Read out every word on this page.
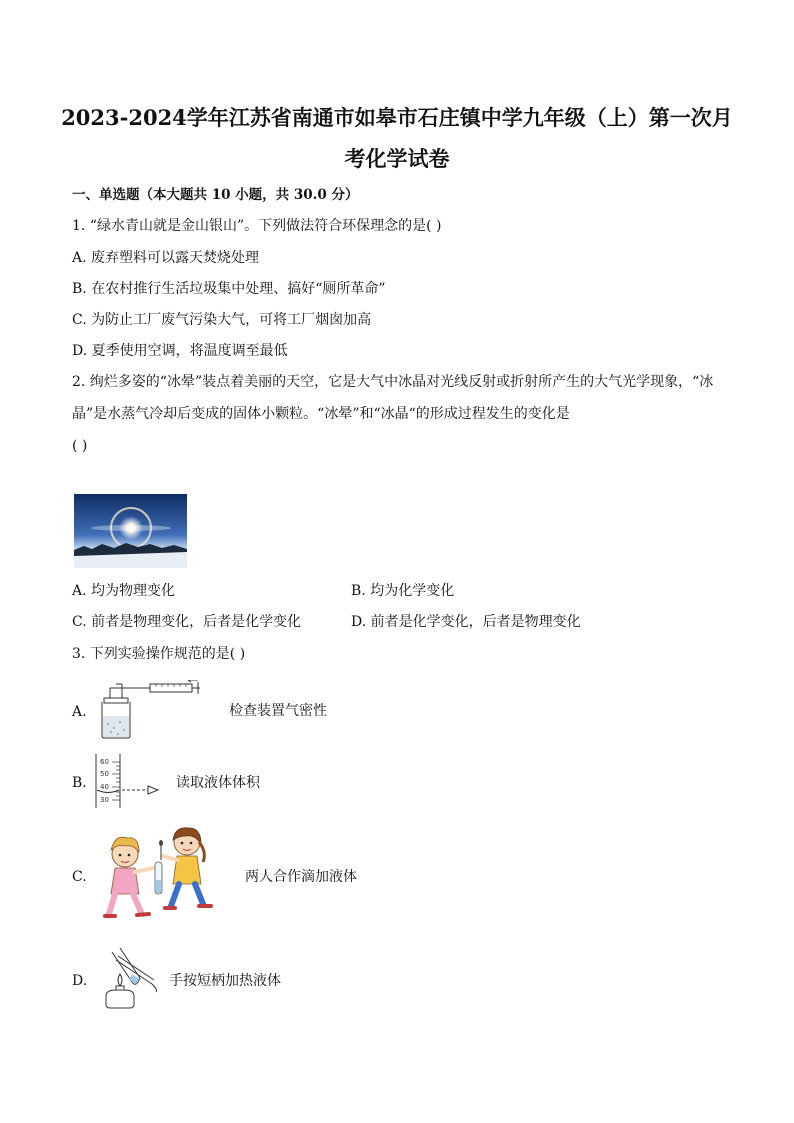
2023-2024学年江苏省南通市如皋市石庄镇中学九年级（上）第一次月
考化学试卷
一、单选题（本大题共 10 小题，共 30.0 分）
1. “绿水青山就是金山银山”。下列做法符合环保理念的是( )
A. 废弃塑料可以露天焚烧处理
B. 在农村推行生活垃圾集中处理、搞好“厕所革命”
C. 为防止工厂废气污染大气，可将工厂烟囱加高
D. 夏季使用空调，将温度调至最低
2. 绚烂多姿的“冰晕”装点着美丽的天空，它是大气中冰晶对光线反射或折射所产生的大气光学现象，“冰
晶”是水蒸气冷却后变成的固体小颗粒。“冰晕”和“冰晶“的形成过程发生的变化是
( )
A. 均为物理变化	B. 均为化学变化
C. 前者是物理变化，后者是化学变化	D. 前者是化学变化，后者是物理变化
3. 下列实验操作规范的是( )
A.	检查装置气密性
B.
60
50
40
30
读取液体体积
C.	两人合作滴加液体
D.	手按短柄加热液体
